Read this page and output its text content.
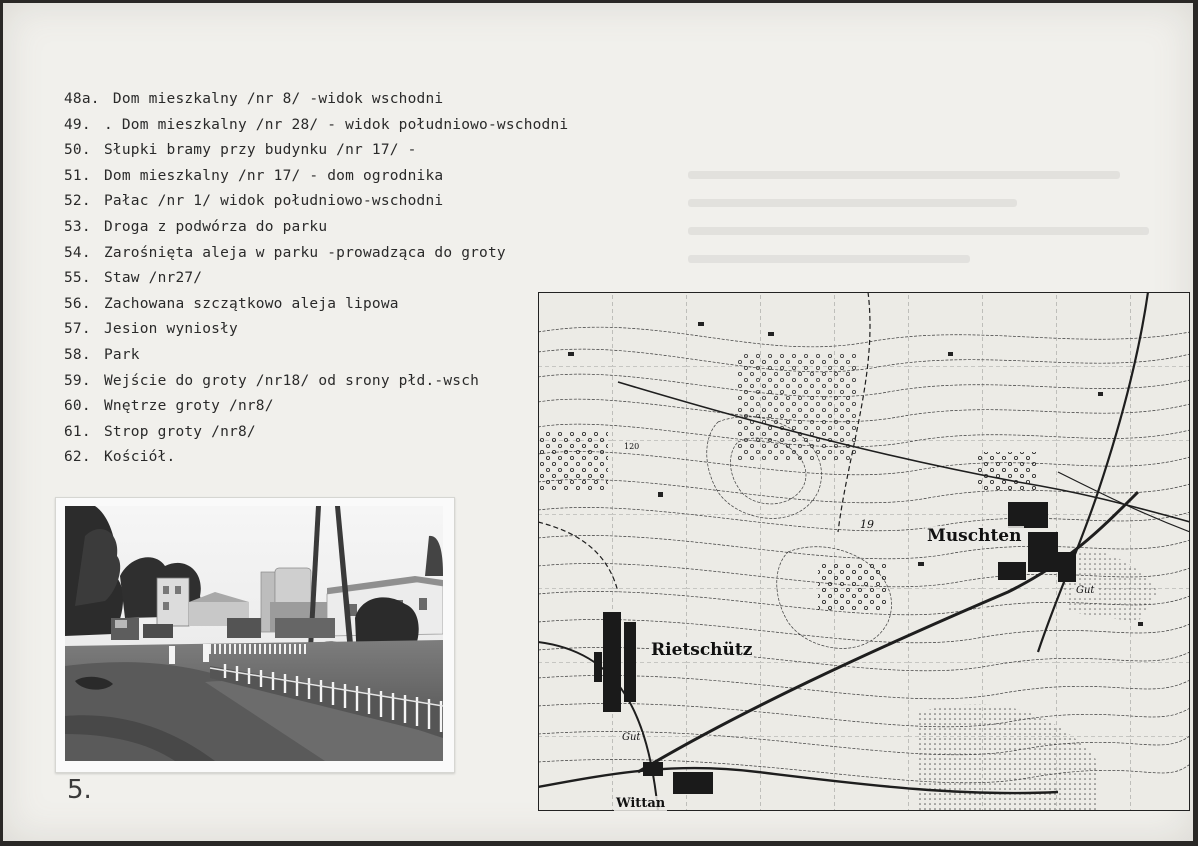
48a. Dom mieszkalny /nr 8/ -widok wschodni
49. . Dom mieszkalny /nr 28/ - widok południowo-wschodni
50. Słupki bramy przy budynku /nr 17/ -
51. Dom mieszkalny /nr 17/ - dom ogrodnika
52. Pałac /nr 1/ widok południowo-wschodni
53. Droga z podwórza do parku
54. Zarośnięta aleja w parku -prowadząca do groty
55. Staw /nr27/
56. Zachowana szczątkowo aleja lipowa
57. Jesion wyniosły
58. Park
59. Wejście do groty /nr18/ od srony płd.-wsch
60. Wnętrze groty /nr8/
61. Strop groty /nr8/
62. Kościół.
5.
Muschten
Rietschütz
Gut
Gut
Wittan
120
19
